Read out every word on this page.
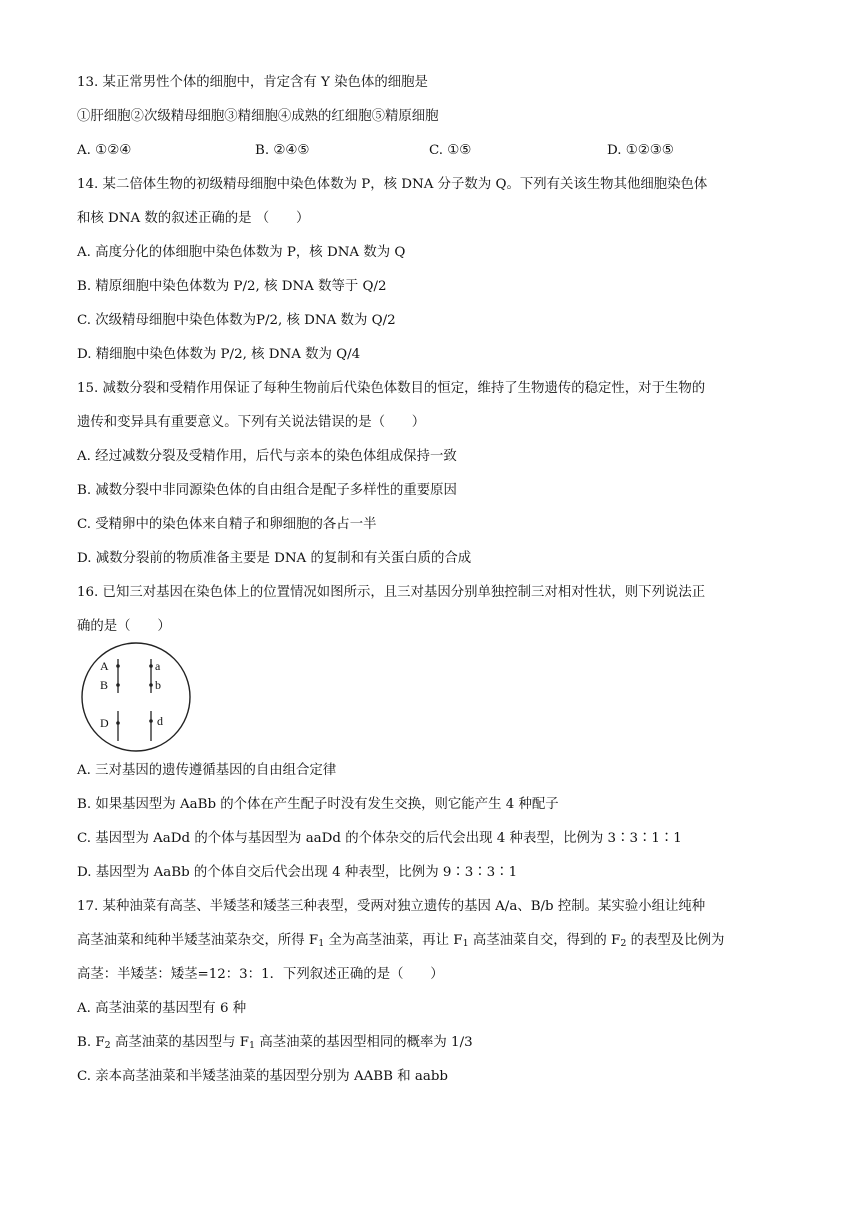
13. 某正常男性个体的细胞中，肯定含有 Y 染色体的细胞是
①肝细胞②次级精母细胞③精细胞④成熟的红细胞⑤精原细胞
A. ①②④	B. ②④⑤	C. ①⑤	D. ①②③⑤
14. 某二倍体生物的初级精母细胞中染色体数为 P，核 DNA 分子数为 Q。下列有关该生物其他细胞染色体
和核 DNA 数的叙述正确的是 （　　）
A. 高度分化的体细胞中染色体数为 P，核 DNA 数为 Q
B. 精原细胞中染色体数为 P/2, 核 DNA 数等于 Q/2
C. 次级精母细胞中染色体数为P/2, 核 DNA 数为 Q/2
D. 精细胞中染色体数为 P/2, 核 DNA 数为 Q/4
15. 减数分裂和受精作用保证了每种生物前后代染色体数目的恒定，维持了生物遗传的稳定性，对于生物的
遗传和变异具有重要意义。下列有关说法错误的是（　　）
A. 经过减数分裂及受精作用，后代与亲本的染色体组成保持一致
B. 减数分裂中非同源染色体的自由组合是配子多样性的重要原因
C. 受精卵中的染色体来自精子和卵细胞的各占一半
D. 减数分裂前的物质准备主要是 DNA 的复制和有关蛋白质的合成
16. 已知三对基因在染色体上的位置情况如图所示，且三对基因分别单独控制三对相对性状，则下列说法正
确的是（　　）
A
B
D
a
b
d
A. 三对基因的遗传遵循基因的自由组合定律
B. 如果基因型为 AaBb 的个体在产生配子时没有发生交换，则它能产生 4 种配子
C. 基因型为 AaDd 的个体与基因型为 aaDd 的个体杂交的后代会出现 4 种表型，比例为 3∶3∶1∶1
D. 基因型为 AaBb 的个体自交后代会出现 4 种表型，比例为 9∶3∶3∶1
17. 某种油菜有高茎、半矮茎和矮茎三种表型，受两对独立遗传的基因 A/a、B/b 控制。某实验小组让纯种
高茎油菜和纯种半矮茎油菜杂交，所得 $F_1$ 全为高茎油菜，再让 $F_1$ 高茎油菜自交，得到的 $F_2$ 的表型及比例为
高茎：半矮茎：矮茎=12：3：1．下列叙述正确的是（　　）
A. 高茎油菜的基因型有 6 种
B. $F_2$ 高茎油菜的基因型与 $F_1$ 高茎油菜的基因型相同的概率为 1/3
C. 亲本高茎油菜和半矮茎油菜的基因型分别为 AABB 和 aabb
